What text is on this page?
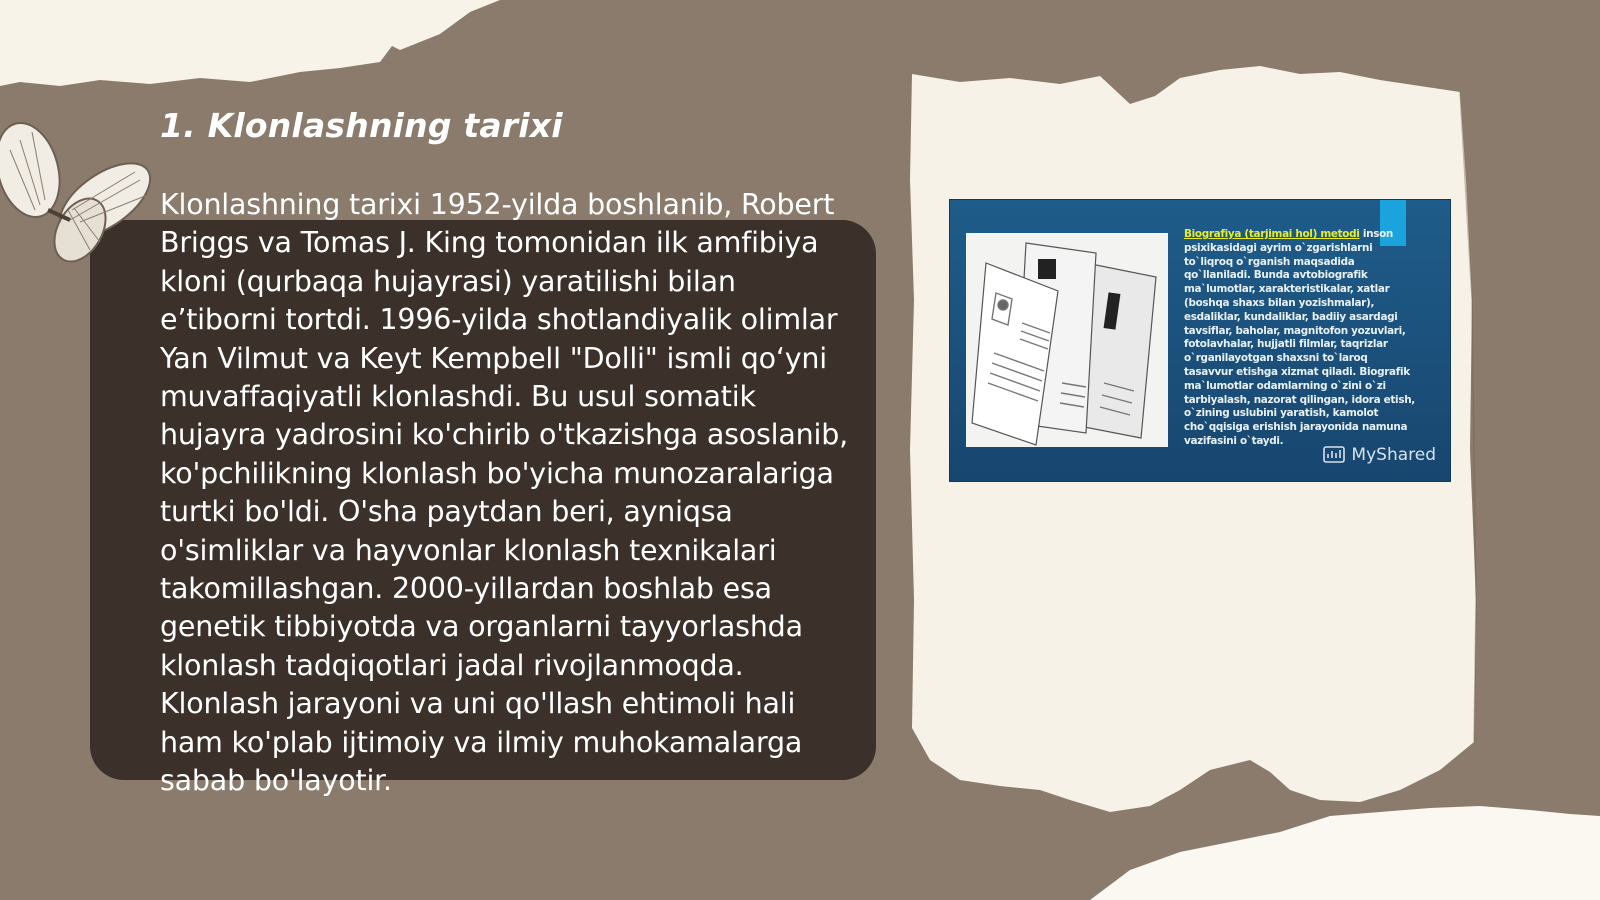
1. Klonlashning tarixi

Klonlashning tarixi 1952-yilda boshlanib, Robert Briggs va Tomas J. King tomonidan ilk amfibiya kloni (qurbaqa hujayrasi) yaratilishi bilan e’tiborni tortdi. 1996-yilda shotlandiyalik olimlar Yan Vilmut va Keyt Kempbell "Dolli" ismli qo‘yni muvaffaqiyatli klonlashdi. Bu usul somatik hujayra yadrosini ko'chirib o'tkazishga asoslanib, ko'pchilikning klonlash bo'yicha munozaralariga turtki bo'ldi. O'sha paytdan beri, ayniqsa o'simliklar va hayvonlar klonlash texnikalari takomillashgan. 2000-yillardan boshlab esa genetik tibbiyotda va organlarni tayyorlashda klonlash tadqiqotlari jadal rivojlanmoqda. Klonlash jarayoni va uni qo'llash ehtimoli hali ham ko'plab ijtimoiy va ilmiy muhokamalarga sabab bo'layotir.

Biografiya (tarjimai hol) metodi inson psixikasidagi ayrim o`zgarishlarni to`liqroq o`rganish maqsadida qo`llaniladi. Bunda avtobiografik ma`lumotlar, xarakteristikalar, xatlar (boshqa shaxs bilan yozishmalar), esdaliklar, kundaliklar, badiiy asardagi tavsiflar, baholar, magnitofon yozuvlari, fotolavhalar, hujjatli filmlar, taqrizlar o`rganilayotgan shaxsni to`laroq tasavvur etishga xizmat qiladi. Biografik ma`lumotlar odamlarning o`zini o`zi tarbiyalash, nazorat qilingan, idora etish, o`zining uslubini yaratish, kamolot cho`qqisiga erishish jarayonida namuna vazifasini o`taydi.
MyShared
